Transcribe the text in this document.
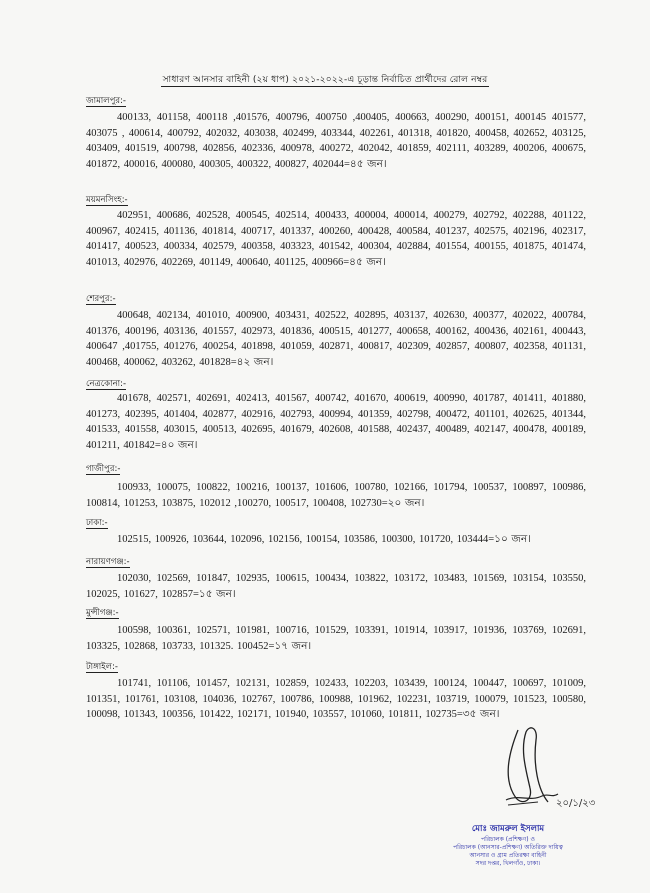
সাধারণ আনসার বাহিনী (২য় ধাপ) ২০২১-২০২২-এ চূড়ান্ত নির্বাচিত প্রার্থীদের রোল নম্বর
জামালপুর:-
400133, 401158, 400118 ,401576, 400796, 400750 ,400405, 400663, 400290, 400151, 400145 401577, 403075 , 400614, 400792, 402032, 403038, 402499, 403344, 402261, 401318, 401820, 400458, 402652, 403125, 403409, 401519, 400798, 402856, 402336, 400978, 400272, 402042, 401859, 402111, 403289, 400206, 400675, 401872, 400016, 400080, 400305, 400322, 400827, 402044=৪৫ জন।
ময়মনসিংহ:-
402951, 400686, 402528, 400545, 402514, 400433, 400004, 400014, 400279, 402792, 402288, 401122, 400967, 402415, 401136, 401814, 400717, 401337, 400260, 400428, 400584, 401237, 402575, 402196, 402317, 401417, 400523, 400334, 402579, 400358, 403323, 401542, 400304, 402884, 401554, 400155, 401875, 401474, 401013, 402976, 402269, 401149, 400640, 401125, 400966=৪৫ জন।
শেরপুর:-
400648, 402134, 401010, 400900, 403431, 402522, 402895, 403137, 402630, 400377, 402022, 400784, 401376, 400196, 403136, 401557, 402973, 401836, 400515, 401277, 400658, 400162, 400436, 402161, 400443, 400647 ,401755, 401276, 400254, 401898, 401059, 402871, 400817, 402309, 402857, 400807, 402358, 401131, 400468, 400062, 403262, 401828=৪২ জন।
নেত্রকোনা:-
401678, 402571, 402691, 402413, 401567, 400742, 401670, 400619, 400990, 401787, 401411, 401880, 401273, 402395, 401404, 402877, 402916, 402793, 400994, 401359, 402798, 400472, 401101, 402625, 401344, 401533, 401558, 403015, 400513, 402695, 401679, 402608, 401588, 402437, 400489, 402147, 400478, 400189, 401211, 401842=৪০ জন।
গাজীপুর:-
100933, 100075, 100822, 100216, 100137, 101606, 100780, 102166, 101794, 100537, 100897, 100986, 100814, 101253, 103875, 102012 ,100270, 100517, 100408, 102730=২০ জন।
ঢাকা:-
102515, 100926, 103644, 102096, 102156, 100154, 103586, 100300, 101720, 103444=১০ জন।
নারায়ণগঞ্জ:-
102030, 102569, 101847, 102935, 100615, 100434, 103822, 103172, 103483, 101569, 103154, 103550, 102025, 101627, 102857=১৫ জন।
মুন্সীগঞ্জ:-
100598, 100361, 102571, 101981, 100716, 101529, 103391, 101914, 103917, 101936, 103769, 102691, 103325, 102868, 103733, 101325. 100452=১৭ জন।
টাঙ্গাইল:-
101741, 101106, 101457, 102131, 102859, 102433, 102203, 103439, 100124, 100447, 100697, 101009, 101351, 101761, 103108, 104036, 102767, 100786, 100988, 101962, 102231, 103719, 100079, 101523, 100580, 100098, 101343, 100356, 101422, 102171, 101940, 103557, 101060, 101811, 102735=৩৫ জন।
২০/১/২৩
মোঃ জামরুল ইসলাম
পরিচালক (প্রশিক্ষণ) ও
পরিচালক (আনসার-প্রশিক্ষণ) অতিরিক্ত দায়িত্ব
আনসার ও গ্রাম প্রতিরক্ষা বাহিনী
সদর দপ্তর, খিলগাঁও, ঢাকা।
